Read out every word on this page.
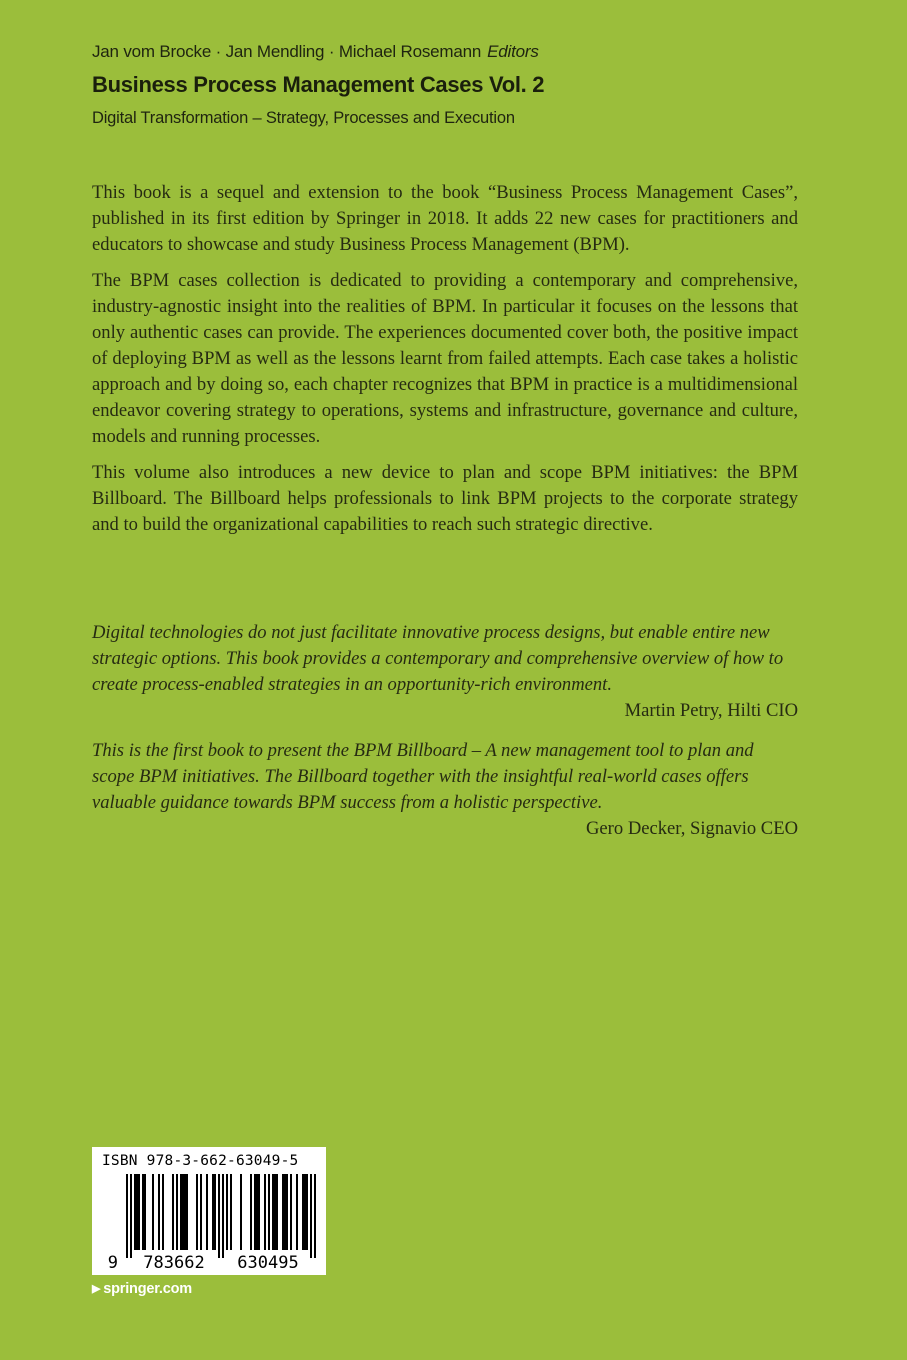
Jan vom Brocke · Jan Mendling · Michael Rosemann Editors
Business Process Management Cases Vol. 2
Digital Transformation – Strategy, Processes and Execution

This book is a sequel and extension to the book “Business Process Management Cases”, published in its first edition by Springer in 2018. It adds 22 new cases for practitioners and educators to showcase and study Business Process Management (BPM).

The BPM cases collection is dedicated to providing a contemporary and comprehensive, industry-agnostic insight into the realities of BPM. In particular it focuses on the lessons that only authentic cases can provide. The experiences documented cover both, the positive impact of deploying BPM as well as the lessons learnt from failed attempts. Each case takes a holistic approach and by doing so, each chapter recognizes that BPM in practice is a multidimensional endeavor covering strategy to operations, systems and infrastructure, governance and culture, models and running processes.

This volume also introduces a new device to plan and scope BPM initiatives: the BPM Billboard. The Billboard helps professionals to link BPM projects to the corporate strategy and to build the organizational capabilities to reach such strategic directive.

Digital technologies do not just facilitate innovative process designs, but enable entire new strategic options. This book provides a contemporary and comprehensive overview of how to create process-enabled strategies in an opportunity-rich environment.
Martin Petry, Hilti CIO
This is the first book to present the BPM Billboard – A new management tool to plan and scope BPM initiatives. The Billboard together with the insightful real-world cases offers valuable guidance towards BPM success from a holistic perspective.
Gero Decker, Signavio CEO
ISBN 978-3-662-63049-5
9 783662 630495
▶ springer.com
